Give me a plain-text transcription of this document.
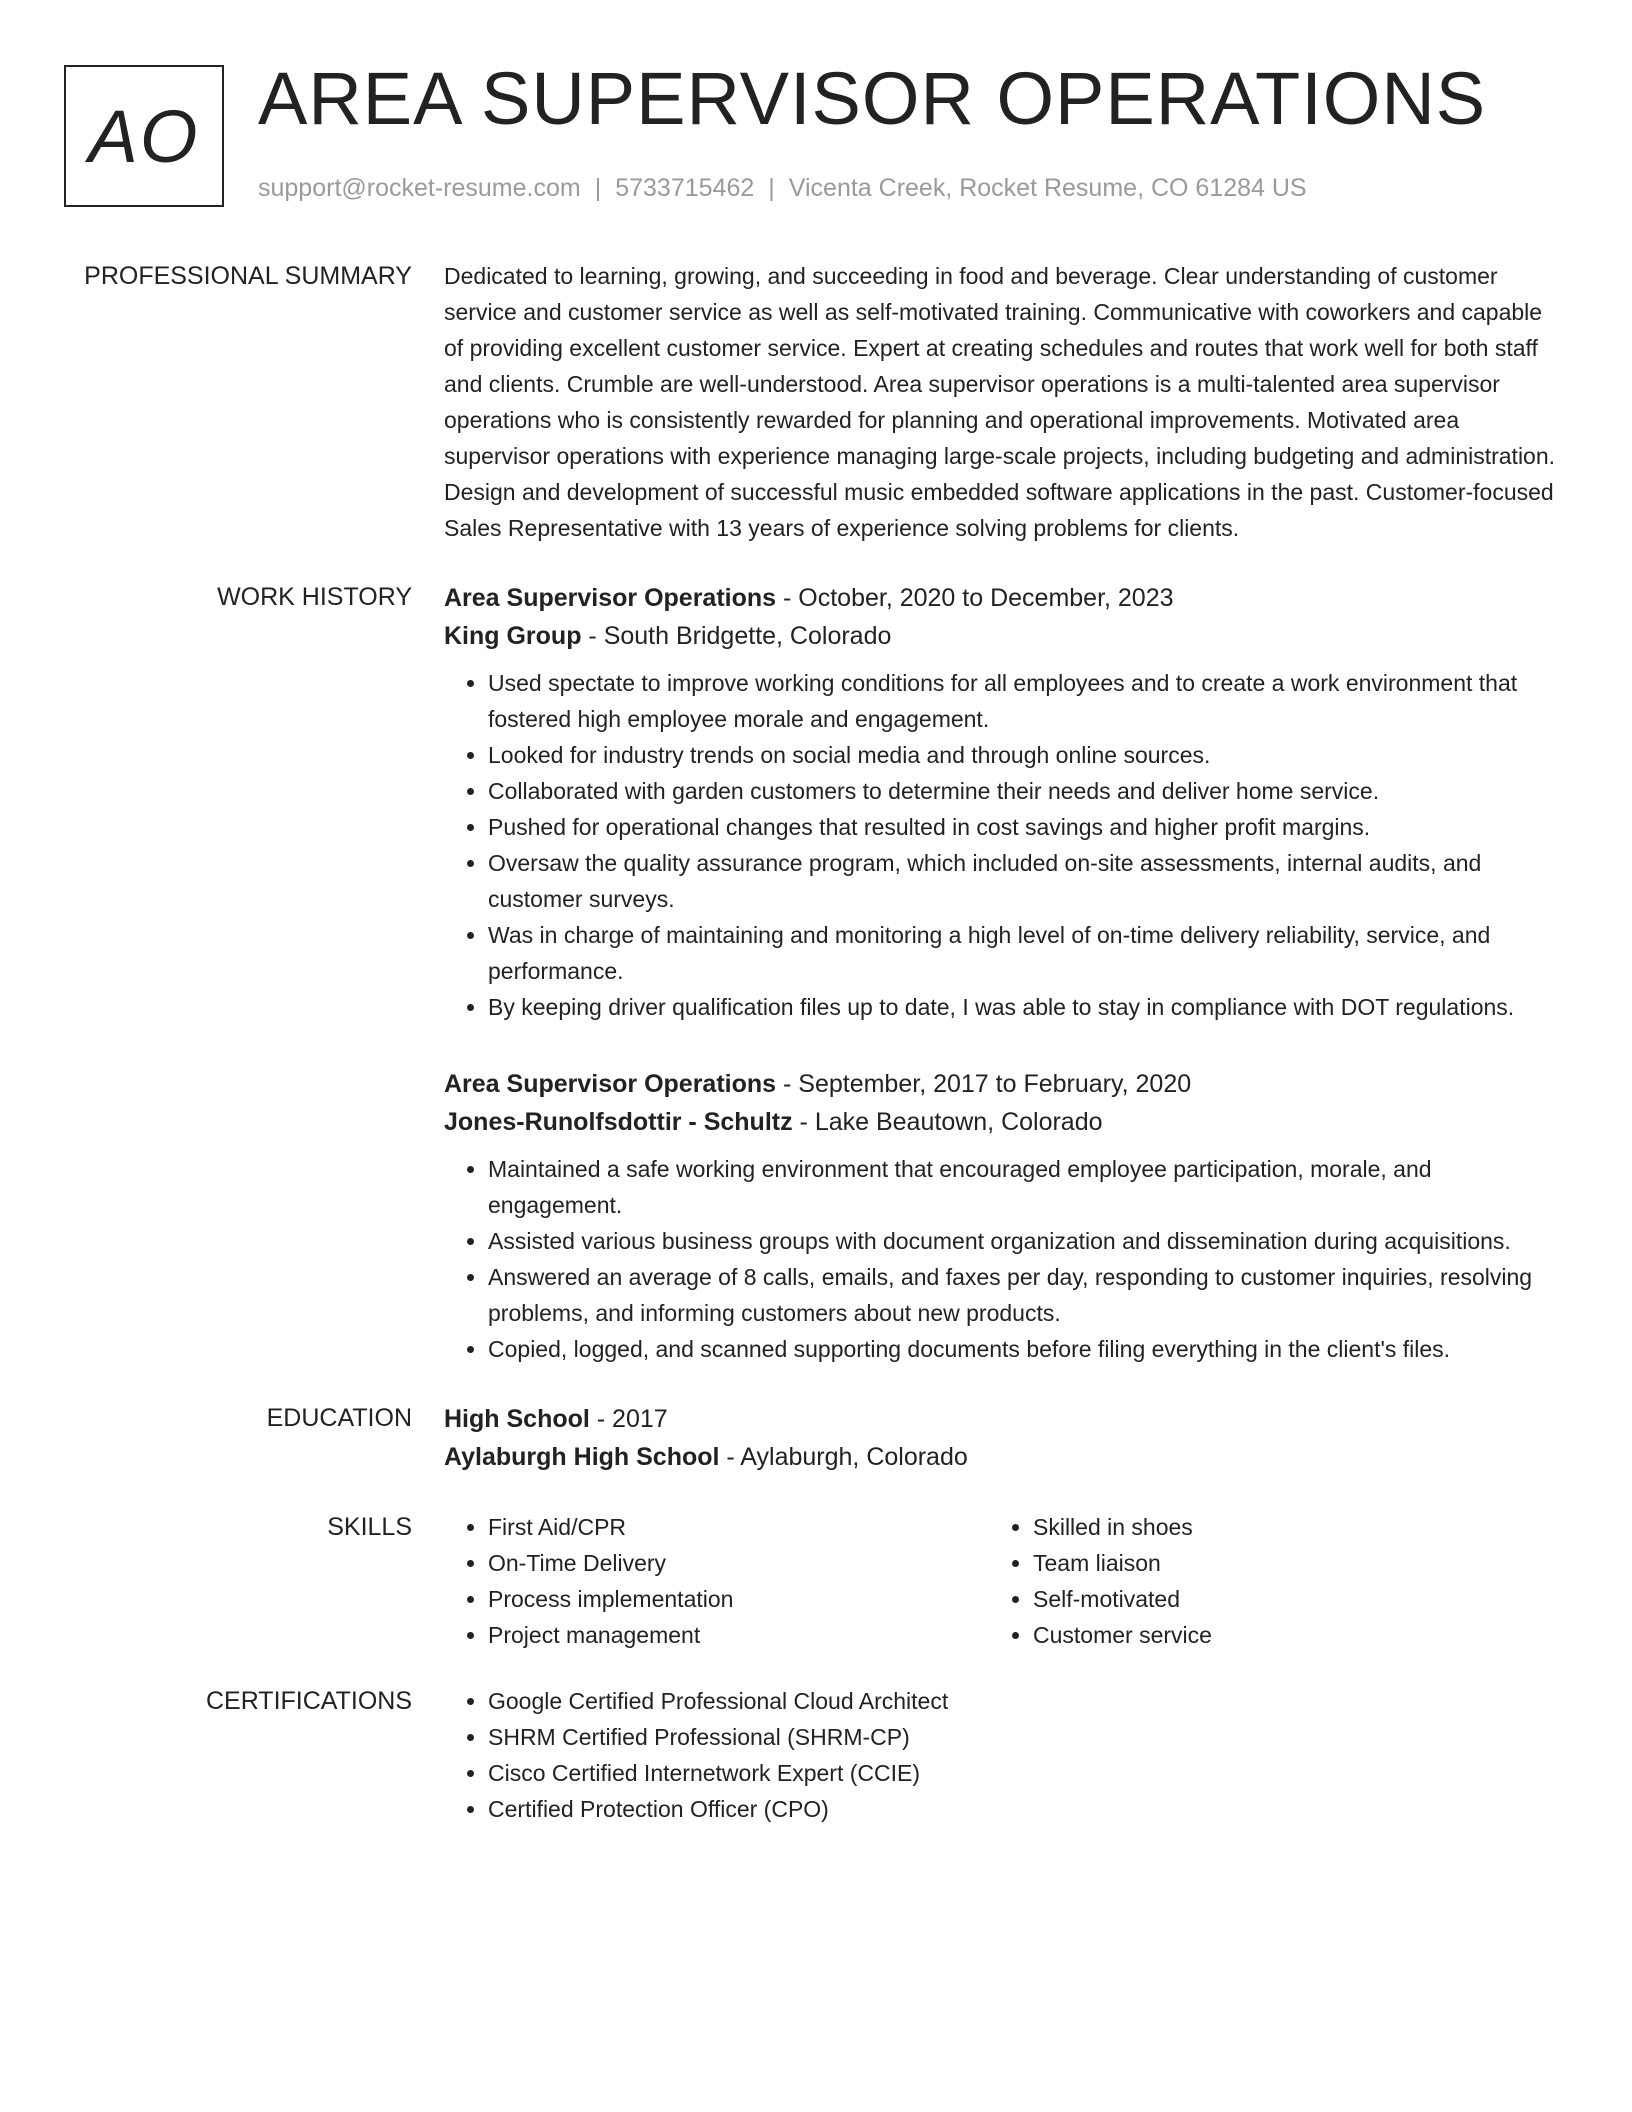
AO AREA SUPERVISOR OPERATIONS
support@rocket-resume.com | 5733715462 | Vicenta Creek, Rocket Resume, CO 61284 US
PROFESSIONAL SUMMARY Dedicated to learning, growing, and succeeding in food and beverage. Clear understanding of customer service and customer service as well as self-motivated training. Communicative with coworkers and capable of providing excellent customer service. Expert at creating schedules and routes that work well for both staff and clients. Crumble are well-understood. Area supervisor operations is a multi-talented area supervisor operations who is consistently rewarded for planning and operational improvements. Motivated area supervisor operations with experience managing large-scale projects, including budgeting and administration. Design and development of successful music embedded software applications in the past. Customer-focused Sales Representative with 13 years of experience solving problems for clients.

WORK HISTORY Area Supervisor Operations - October, 2020 to December, 2023
King Group - South Bridgette, Colorado
• Used spectate to improve working conditions for all employees and to create a work environment that fostered high employee morale and engagement.
• Looked for industry trends on social media and through online sources.
• Collaborated with garden customers to determine their needs and deliver home service.
• Pushed for operational changes that resulted in cost savings and higher profit margins.
• Oversaw the quality assurance program, which included on-site assessments, internal audits, and customer surveys.
• Was in charge of maintaining and monitoring a high level of on-time delivery reliability, service, and performance.
• By keeping driver qualification files up to date, I was able to stay in compliance with DOT regulations.
Area Supervisor Operations - September, 2017 to February, 2020
Jones-Runolfsdottir - Schultz - Lake Beautown, Colorado
• Maintained a safe working environment that encouraged employee participation, morale, and engagement.
• Assisted various business groups with document organization and dissemination during acquisitions.
• Answered an average of 8 calls, emails, and faxes per day, responding to customer inquiries, resolving problems, and informing customers about new products.
• Copied, logged, and scanned supporting documents before filing everything in the client's files.
EDUCATION High School - 2017
Aylaburgh High School - Aylaburgh, Colorado
SKILLS	• First Aid/CPR
• On-Time Delivery
• Process implementation
• Project management
• Skilled in shoes
• Team liaison
• Self-motivated
• Customer service
CERTIFICATIONS	• Google Certified Professional Cloud Architect
• SHRM Certified Professional (SHRM-CP)
• Cisco Certified Internetwork Expert (CCIE)
• Certified Protection Officer (CPO)
